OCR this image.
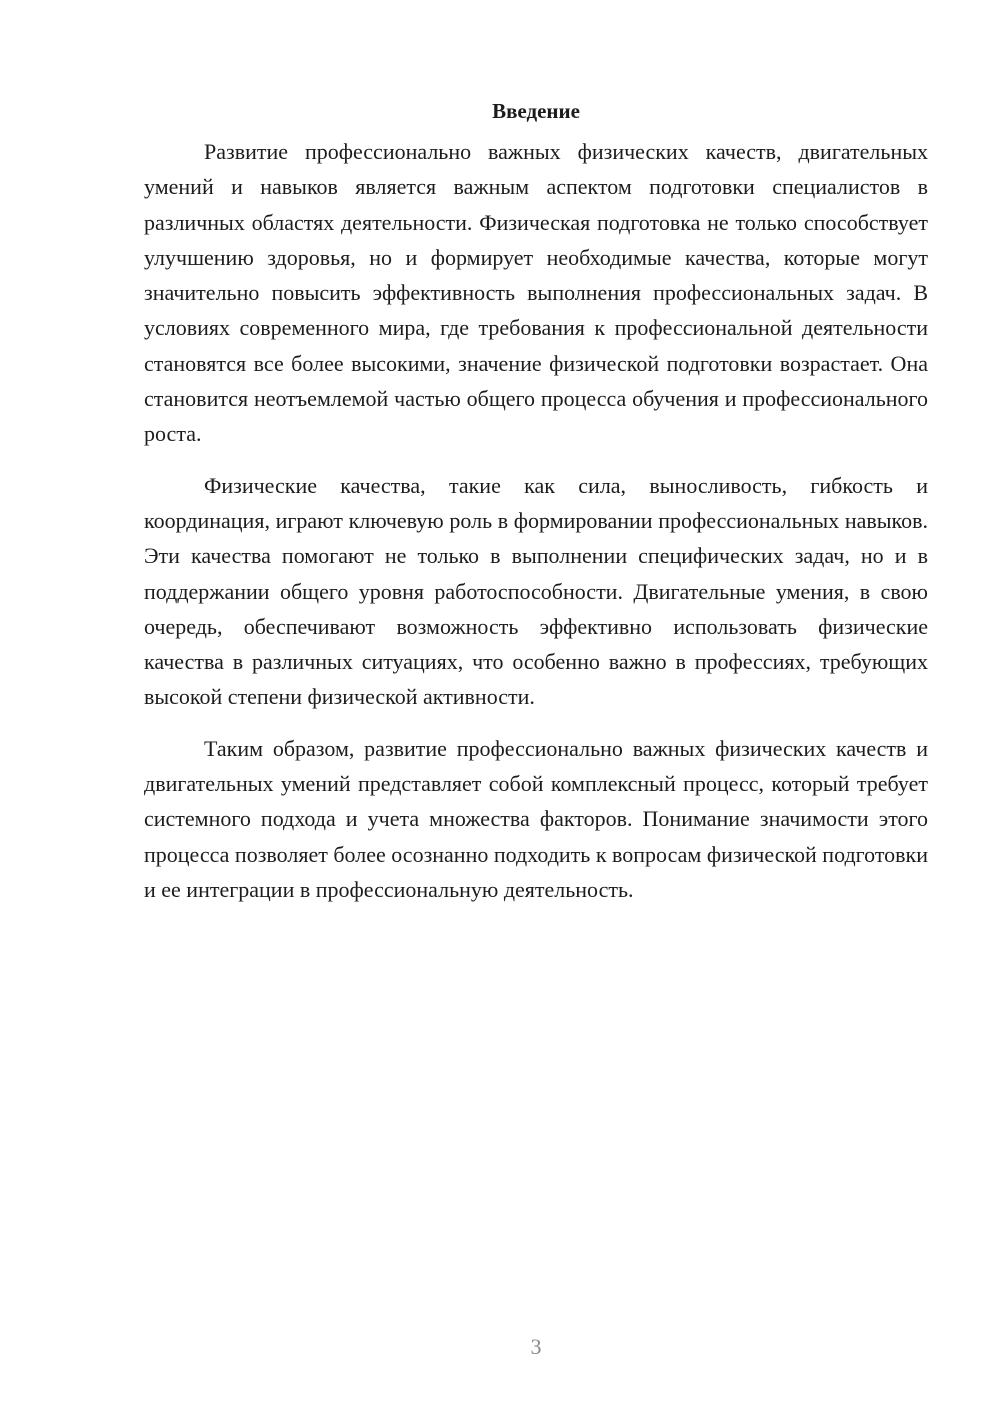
Введение

Развитие профессионально важных физических качеств, двигательных умений и навыков является важным аспектом подготовки специалистов в различных областях деятельности. Физическая подготовка не только способствует улучшению здоровья, но и формирует необходимые качества, которые могут значительно повысить эффективность выполнения профессиональных задач. В условиях современного мира, где требования к профессиональной деятельности становятся все более высокими, значение физической подготовки возрастает. Она становится неотъемлемой частью общего процесса обучения и профессионального роста.

Физические качества, такие как сила, выносливость, гибкость и координация, играют ключевую роль в формировании профессиональных навыков. Эти качества помогают не только в выполнении специфических задач, но и в поддержании общего уровня работоспособности. Двигательные умения, в свою очередь, обеспечивают возможность эффективно использовать физические качества в различных ситуациях, что особенно важно в профессиях, требующих высокой степени физической активности.

Таким образом, развитие профессионально важных физических качеств и двигательных умений представляет собой комплексный процесс, который требует системного подхода и учета множества факторов. Понимание значимости этого процесса позволяет более осознанно подходить к вопросам физической подготовки и ее интеграции в профессиональную деятельность.

3
